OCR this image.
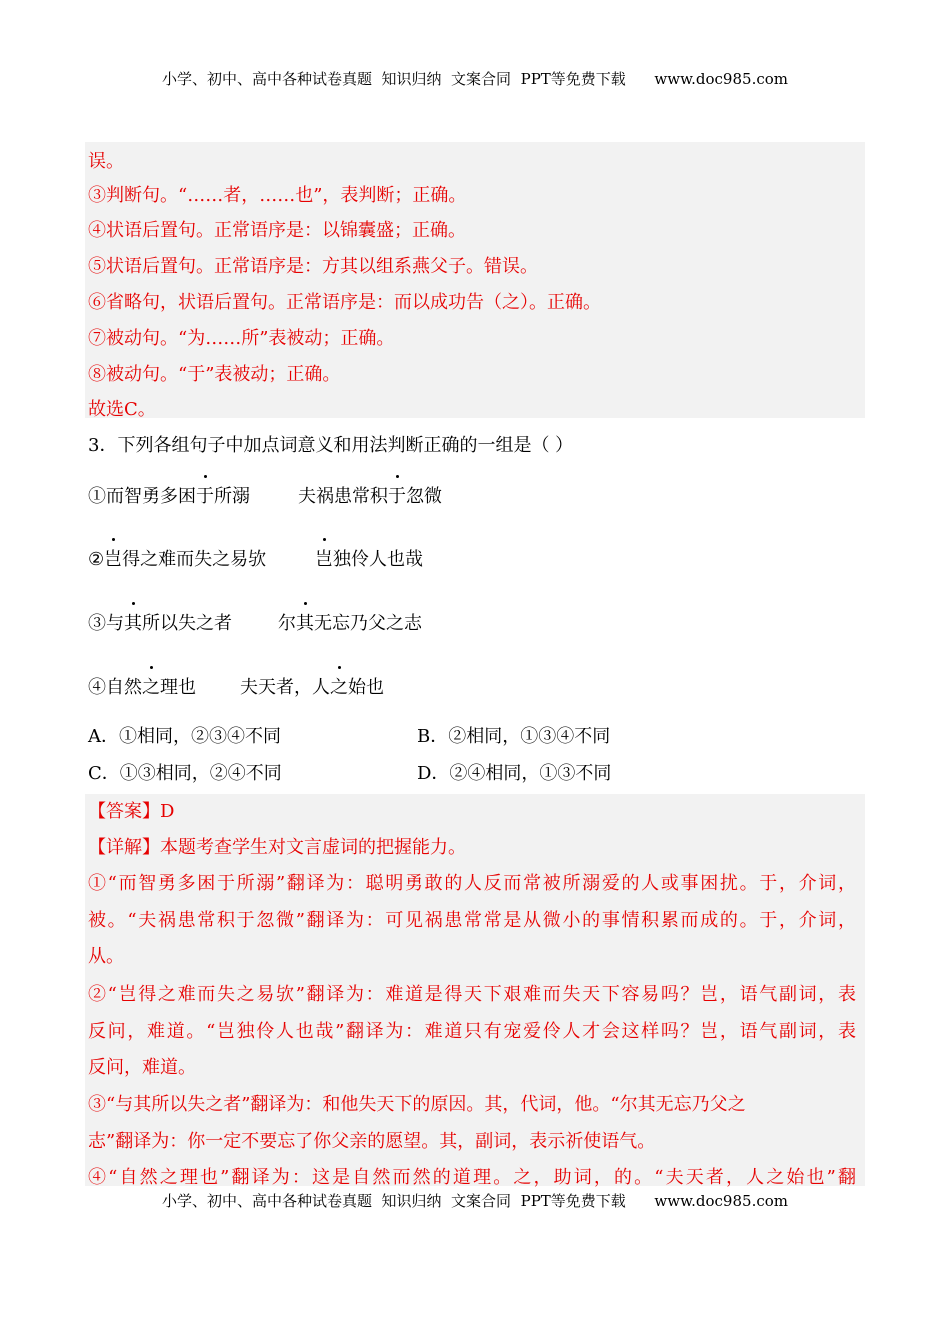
小学、初中、高中各种试卷真题  知识归纳  文案合同  PPT等免费下载      www.doc985.com
误。
③判断句。“……者，……也”，表判断；正确。
④状语后置句。正常语序是：以锦囊盛；正确。
⑤状语后置句。正常语序是：方其以组系燕父子。错误。
⑥省略句，状语后置句。正常语序是：而以成功告（之）。正确。
⑦被动句。“为……所”表被动；正确。
⑧被动句。“于”表被动；正确。
故选C。
3．下列各组句子中加点词意义和用法判断正确的一组是（ ）
①而智勇多困于所溺	夫祸患常积于忽微
②岂得之难而失之易欤	岂独伶人也哉
③与其所以失之者	尔其无忘乃父之志
④自然之理也 夫天者，人之始也
A．①相同，②③④不同	B．②相同，①③④不同
C．①③相同，②④不同	D．②④相同，①③不同
【答案】D
【详解】本题考查学生对文言虚词的把握能力。
①“而智勇多困于所溺”翻译为：聪明勇敢的人反而常被所溺爱的人或事困扰。于，介词，
被。“夫祸患常积于忽微”翻译为：可见祸患常常是从微小的事情积累而成的。于，介词，
从。
②“岂得之难而失之易欤”翻译为：难道是得天下艰难而失天下容易吗？岂，语气副词，表
反问，难道。“岂独伶人也哉”翻译为：难道只有宠爱伶人才会这样吗？岂，语气副词，表
反问，难道。
③“与其所以失之者”翻译为：和他失天下的原因。其，代词，他。“尔其无忘乃父之
志”翻译为：你一定不要忘了你父亲的愿望。其，副词，表示祈使语气。
④“自然之理也”翻译为：这是自然而然的道理。之，助词，的。“夫天者，人之始也”翻
小学、初中、高中各种试卷真题  知识归纳  文案合同  PPT等免费下载      www.doc985.com
